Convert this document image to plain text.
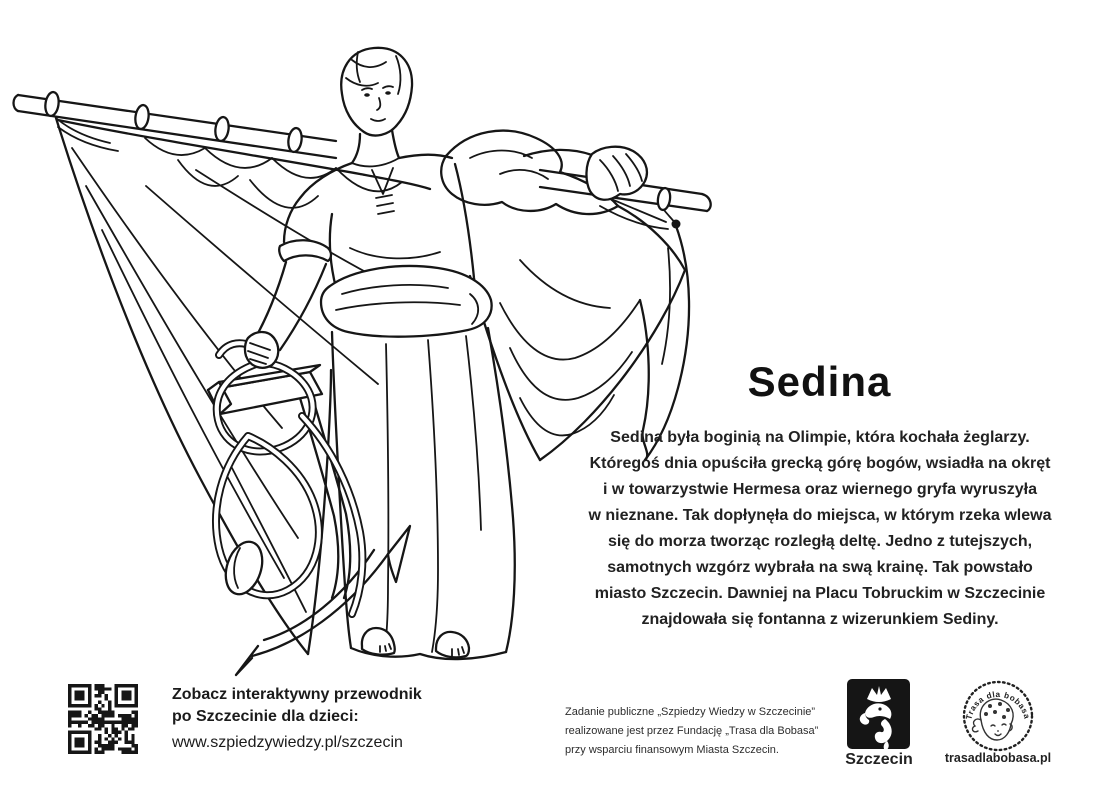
Sedina
Sedina była boginią na Olimpie, która kochała żeglarzy.
Któregoś dnia opuściła grecką górę bogów, wsiadła na okręt
i w towarzystwie Hermesa oraz wiernego gryfa wyruszyła
w nieznane. Tak dopłynęła do miejsca, w którym rzeka wlewa
się do morza tworząc rozległą deltę. Jedno z tutejszych,
samotnych wzgórz wybrała na swą krainę. Tak powstało
miasto Szczecin. Dawniej na Placu Tobruckim w Szczecinie
znajdowała się fontanna z wizerunkiem Sediny.
Zobacz interaktywny przewodnik
po Szczecinie dla dzieci:
www.szpiedzywiedzy.pl/szczecin
Zadanie publiczne „Szpiedzy Wiedzy w Szczecinie”
realizowane jest przez Fundację „Trasa dla Bobasa”
przy wsparciu finansowym Miasta Szczecin.
Szczecin
Trasa dla bobasa
trasadlabobasa.pl
